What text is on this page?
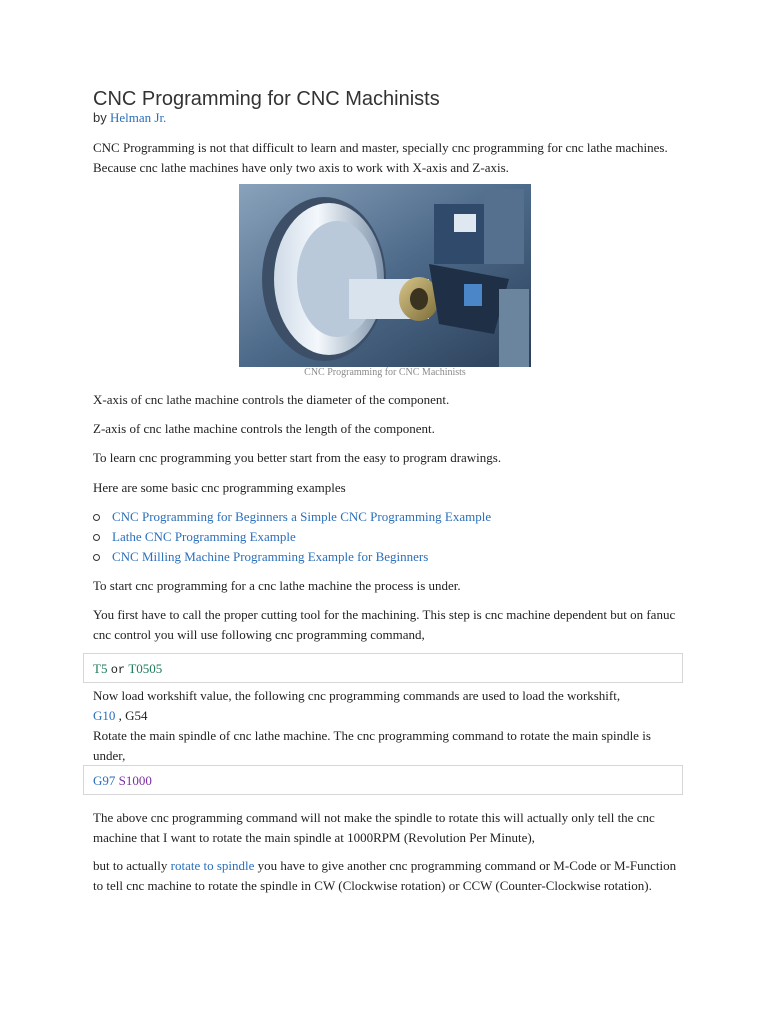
CNC Programming for CNC Machinists
by Helman Jr.

CNC Programming is not that difficult to learn and master, specially cnc programming for cnc lathe machines. Because cnc lathe machines have only two axis to work with X-axis and Z-axis.

CNC Programming for CNC Machinists

X-axis of cnc lathe machine controls the diameter of the component.

Z-axis of cnc lathe machine controls the length of the component.

To learn cnc programming you better start from the easy to program drawings.

Here are some basic cnc programming examples

CNC Programming for Beginners a Simple CNC Programming Example
Lathe CNC Programming Example
CNC Milling Machine Programming Example for Beginners

To start cnc programming for a cnc lathe machine the process is under.

You first have to call the proper cutting tool for the machining. This step is cnc machine dependent but on fanuc cnc control you will use following cnc programming command,

T5 or T0505

Now load workshift value, the following cnc programming commands are used to load the workshift,

G10 , G54

Rotate the main spindle of cnc lathe machine. The cnc programming command to rotate the main spindle is under,

G97 S1000

The above cnc programming command will not make the spindle to rotate this will actually only tell the cnc machine that I want to rotate the main spindle at 1000RPM (Revolution Per Minute),

but to actually rotate to spindle you have to give another cnc programming command or M-Code or M-Function to tell cnc machine to rotate the spindle in CW (Clockwise rotation) or CCW (Counter-Clockwise rotation).
